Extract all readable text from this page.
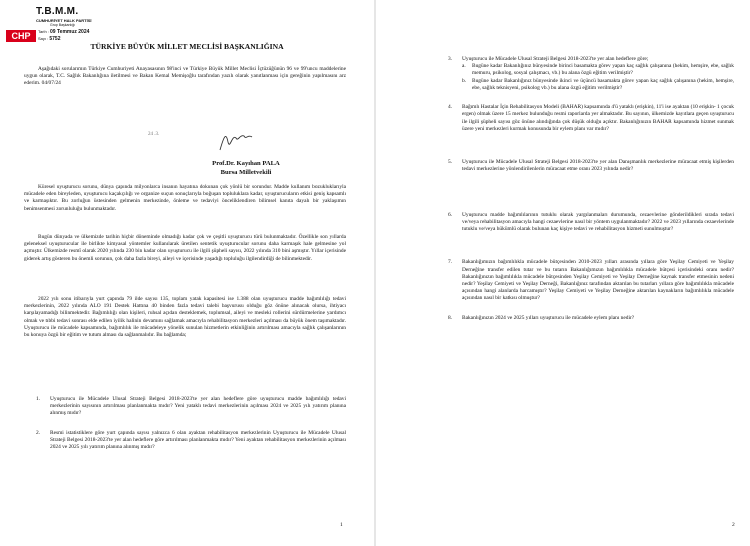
T.B.M.M.
CUMHURİYET HALK PARTİSİ
Grup Başkanlığı
CHP	Tarih : 09 Temmuz 2024
Sayı : 5752
TÜRKİYE BÜYÜK MİLLET MECLİSİ BAŞKANLIĞINA
Aşağıdaki sorularımın Türkiye Cumhuriyeti Anayasasının 98'inci ve Türkiye Büyük Millet Meclisi İçtüzüğünün 96 ve 99'uncu maddelerine uygun olarak, T.C. Sağlık Bakanlığına iletilmesi ve Bakan Kemal Memişoğlu tarafından yazılı olarak yanıtlanması için gereğinin yapılmasını arz ederim. 04/07/24
24 .3.
Prof.Dr. Kayıhan PALA
Bursa Milletvekili
Küresel uyuşturucu sorunu, dünya çapında milyonlarca insanın hayatına dokunan çok yönlü bir sorundur. Madde kullanım bozukluklarıyla mücadele eden bireyleden, uyuşturucu kaçakçılığı ve organize suçun sonuçlarıyla boğuşan topluluklara kadar, uyuşturucuların etkisi geniş kapsamlı ve karmaşıktır. Bu zorluğun üstesinden gelmenin merkezinde, önleme ve tedaviyi önceliklendiren bilimsel kanıta dayalı bir yaklaşımın benimsenmesi zorunluluğu bulunmaktadır.
Bugün dünyada ve ülkemizde tarihin hiçbir döneminde olmadığı kadar çok ve çeşitli uyuşturucu türü bulunmaktadır. Özellikle son yıllarda geleneksel uyuşturucular ile birlikte kimyasal yöntemler kullanılarak üretilen sentetik uyuşturucular sorunu daha karmaşık hale gelmesine yol açmıştır. Ülkemizde resmî olarak 2020 yılında 230 bin kadar olan uyuşturucu ile ilgili şüpheli sayısı, 2022 yılında 310 bini aşmıştır. Yıllar içerisinde giderek artış gösteren bu önemli sorunun, çok daha fazla bireyi, aileyi ve içerisinde yaşadığı topluluğu ilgilendirdiği de bilinmektedir.
2022 yılı sonu itibarıyla yurt çapında 79 ilde sayısı 135, toplam yatak kapasitesi ise 1.388 olan uyuşturucu madde bağımlılığı tedavi merkezlerinin, 2022 yılında ALO 191 Destek Hattına 40 binden fazla tedavi talebi başvurusu olduğu göz önüne alınacak olursa, ihtiyacı karşılayamadığı bilinmektedir. Bağımlılığı olan kişileri, ruhsal açıdan desteklemek, toplumsal, aileyi ve mesleki rollerini sürdürmelerine yardımcı olmak ve tıbbi tedavi sonrası elde edilen iyilik halinin devamını sağlamak amacıyla rehabilitasyon merkezleri açılması da büyük önem taşımaktadır. Uyuşturucu ile mücadele kapsamında, bağımlılık ile mücadeleye yönelik sunulan hizmetlerin etkinliğinin artırılması amacıyla sağlık çalışanlarının bu konuya özgü bir eğitim ve tutum alması da sağlanmalıdır. Bu bağlamda;
1. Uyuşturucu ile Mücadele Ulusal Strateji Belgesi 2018-2023'te yer alan hedeflere göre uyuşturucu madde bağımlılığı tedavi merkezlerinin sayısının artırılması planlanmakta mıdır? Yeni yataklı tedavi merkezlerinin açılması 2024 ve 2025 yılı yatırım planına alınmış mıdır?
2. Resmi istatistiklere göre yurt çapında sayısı yalnızca 6 olan ayaktan rehabilitasyon merkezlerinin Uyuşturucu ile Mücadele Ulusal Strateji Belgesi 2018-2023'te yer alan hedeflere göre artırılması planlanmakta mıdır? Yeni ayaktan rehabilitasyon merkezlerinin açılması 2024 ve 2025 yılı yatırım planına alınmış mıdır?
1
3. Uyuşturucu ile Mücadele Ulusal Strateji Belgesi 2018-2023'te yer alan hedeflere göre;
a. Bugüne kadar Bakanlığınız bünyesinde birinci basamakta görev yapan kaç sağlık çalışanına (hekim, hemşire, ebe, sağlık memuru, psikolog, sosyal çalışmacı, vb.) bu alana özgü eğitim verilmiştir?
b. Bugüne kadar Bakanlığınız bünyesinde ikinci ve üçüncü basamakta görev yapan kaç sağlık çalışanına (hekim, hemşire, ebe, sağlık teknisyeni, psikolog vb.) bu alana özgü eğitim verilmiştir?
4. Bağımlı Hastalar İçin Rehabilitasyon Modeli (BAHAR) kapsamında 4'ü yataklı (erişkin), 11'i ise ayaktan (10 erişkin- 1 çocuk ergen) olmak üzere 15 merkez bulunduğu resmi raporlarda yer almaktadır. Bu sayının, ülkemizde kayıtlara geçen uyuşturucu ile ilgili şüpheli sayısı göz önüne alındığında çok düşük olduğu açıktır. Bakanlığınızın BAHAR kapsamında hizmet sunmak üzere yeni merkezleri kurmak konusunda bir eylem planı var mıdır?
5. Uyuşturucu ile Mücadele Ulusal Strateji Belgesi 2018-2023'te yer alan Danışmanlık merkezlerine müracaat etmiş kişilerden tedavi merkezlerine yönlendirilenlerin müracaat etme oranı 2023 yılında nedir?
6. Uyuşturucu madde bağımlılarının tutuklu olarak yargılanmaları durumunda, cezaevlerine gönderildikleri sırada tedavi ve/veya rehabilitasyon amacıyla hangi cezaevlerine nasıl bir yöntem uygulanmaktadır? 2022 ve 2023 yıllarında cezaevlerinde tutuklu ve/veya hükümlü olarak bulunan kaç kişiye tedavi ve rehabilitasyon hizmeti sunulmuştur?
7. Bakanlığımızın bağımlılıkla mücadele bütçesinden 2010-2023 yılları arasında yıllara göre Yeşilay Cemiyeti ve Yeşilay Derneğine transfer edilen tutar ve bu tutarın Bakanlığımızın bağımlılıkla mücadele bütçesi içerisindeki oranı nedir? Bakanlığınızın bağımlılıkla mücadele bütçesinden Yeşilay Cemiyeti ve Yeşilay Derneğine kaynak transfer etmesinin nedeni nedir? Yeşilay Cemiyeti ve Yeşilay Derneği, Bakanlığınız tarafından aktarılan bu tutarları yıllara göre bağımlılıkla mücadele açısından hangi alanlarda harcamıştır? Yeşilay Cemiyeti ve Yeşilay Derneğine aktarılan kaynakların bağımlılıkla mücadele açısından nasıl bir katkısı olmuştur?
8. Bakanlığınızın 2024 ve 2025 yılları uyuşturucu ile mücadele eylem planı nedir?
2
